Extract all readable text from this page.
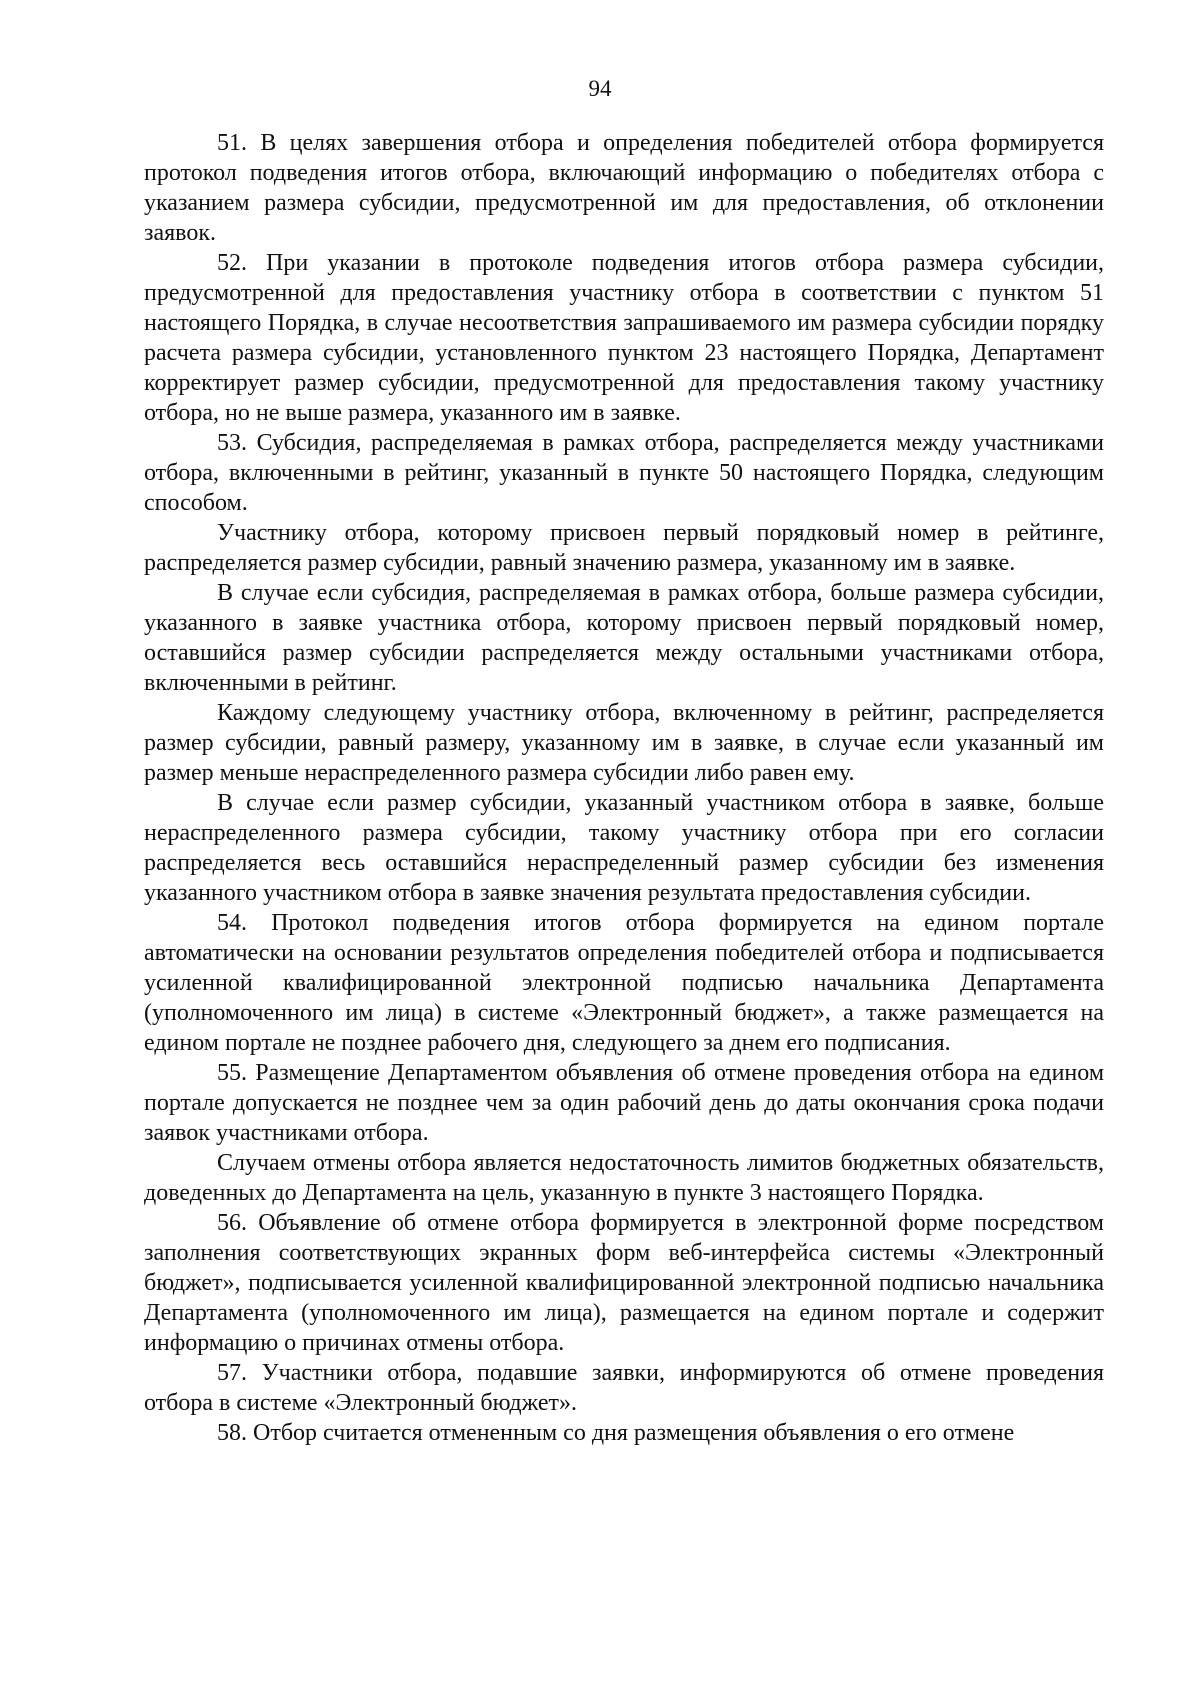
94

51. В целях завершения отбора и определения победителей отбора формируется протокол подведения итогов отбора, включающий информацию о победителях отбора с указанием размера субсидии, предусмотренной им для предоставления, об отклонении заявок.

52. При указании в протоколе подведения итогов отбора размера субсидии, предусмотренной для предоставления участнику отбора в соответствии с пунктом 51 настоящего Порядка, в случае несоответствия запрашиваемого им размера субсидии порядку расчета размера субсидии, установленного пунктом 23 настоящего Порядка, Департамент корректирует размер субсидии, предусмотренной для предоставления такому участнику отбора, но не выше размера, указанного им в заявке.

53. Субсидия, распределяемая в рамках отбора, распределяется между участниками отбора, включенными в рейтинг, указанный в пункте 50 настоящего Порядка, следующим способом.

Участнику отбора, которому присвоен первый порядковый номер в рейтинге, распределяется размер субсидии, равный значению размера, указанному им в заявке.

В случае если субсидия, распределяемая в рамках отбора, больше размера субсидии, указанного в заявке участника отбора, которому присвоен первый порядковый номер, оставшийся размер субсидии распределяется между остальными участниками отбора, включенными в рейтинг.

Каждому следующему участнику отбора, включенному в рейтинг, распределяется размер субсидии, равный размеру, указанному им в заявке, в случае если указанный им размер меньше нераспределенного размера субсидии либо равен ему.

В случае если размер субсидии, указанный участником отбора в заявке, больше нераспределенного размера субсидии, такому участнику отбора при его согласии распределяется весь оставшийся нераспределенный размер субсидии без изменения указанного участником отбора в заявке значения результата предоставления субсидии.

54. Протокол подведения итогов отбора формируется на едином портале автоматически на основании результатов определения победителей отбора и подписывается усиленной квалифицированной электронной подписью начальника Департамента (уполномоченного им лица) в системе «Электронный бюджет», а также размещается на едином портале не позднее рабочего дня, следующего за днем его подписания.

55. Размещение Департаментом объявления об отмене проведения отбора на едином портале допускается не позднее чем за один рабочий день до даты окончания срока подачи заявок участниками отбора.

Случаем отмены отбора является недостаточность лимитов бюджетных обязательств, доведенных до Департамента на цель, указанную в пункте 3 настоящего Порядка.

56. Объявление об отмене отбора формируется в электронной форме посредством заполнения соответствующих экранных форм веб-интерфейса системы «Электронный бюджет», подписывается усиленной квалифицированной электронной подписью начальника Департамента (уполномоченного им лица), размещается на едином портале и содержит информацию о причинах отмены отбора.

57. Участники отбора, подавшие заявки, информируются об отмене проведения отбора в системе «Электронный бюджет».

58. Отбор считается отмененным со дня размещения объявления о его отмене
